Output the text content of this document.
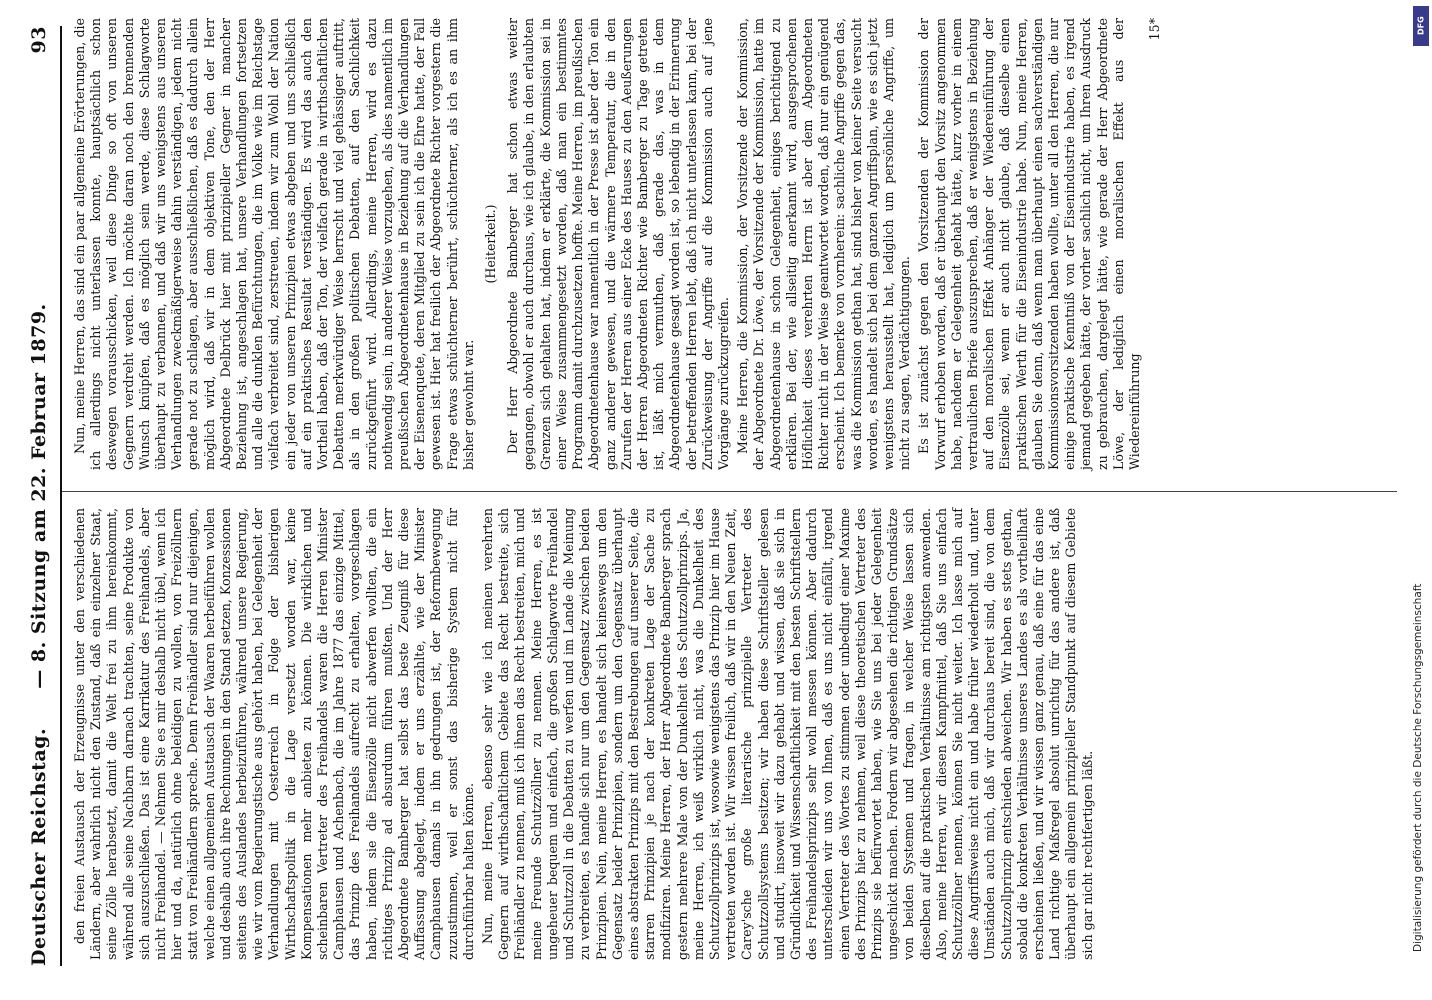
Deutscher Reichstag.
— 8. Sitzung am 22. Februar 1879.
93

den freien Austausch der Erzeugnisse unter den verschiedenen Ländern, aber wahrlich nicht den Zustand, daß ein einzelner Staat, seine Zölle herabsetzt, damit die Welt frei zu ihm hereinkommt, während alle seine Nachbarn darnach trachten, seine Produkte von sich auszuschließen. Das ist eine Karrikatur des Freihandels, aber nicht Freihandel. — Nehmen Sie es mir deshalb nicht übel, wenn ich hier und da, natürlich ohne beleidigen zu wollen, von Freizöllnern statt von Freihändlern spreche. Denn Freihändler sind nur diejenigen, welche einen allgemeinen Austausch der Waaren herbeiführen wollen und deshalb auch ihre Rechnungen in den Stand setzen, Konzessionen seitens des Auslandes herbeizuführen, während unsere Regierung, wie wir vom Regierungstische aus gehört haben, bei Gelegenheit der Verhandlungen mit Oesterreich in Folge der bisherigen Wirthschaftspolitik in die Lage versetzt worden war, keine Kompensationen mehr anbieten zu können. Die wirklichen und scheinbaren Vertreter des Freihandels waren die Herren Minister Camphausen und Achenbach, die im Jahre 1877 das einzige Mittel, das Prinzip des Freihandels aufrecht zu erhalten, vorgeschlagen haben, indem sie die Eisenzölle nicht abwerfen wollten, die ein richtiges Prinzip ad absurdum führen mußten. Und der Herr Abgeordnete Bamberger hat selbst das beste Zeugniß für diese Auffassung abgelegt, indem er uns erzählte, wie der Minister Camphausen damals in ihn gedrungen ist, der Reformbewegung zuzustimmen, weil er sonst das bisherige System nicht für durchführbar halten könne. Nun, meine Herren, ebenso sehr wie ich meinen verehrten Gegnern auf wirthschaftlichem Gebiete das Recht bestreite, sich Freihändler zu nennen, muß ich ihnen das Recht bestreiten, mich und meine Freunde Schutzzöllner zu nennen. Meine Herren, es ist ungeheuer bequem und einfach, die großen Schlagworte Freihandel und Schutzzoll in die Debatten zu werfen und im Lande die Meinung zu verbreiten, es handle sich nur um den Gegensatz zwischen beiden Prinzipien. Nein, meine Herren, es handelt sich keineswegs um den Gegensatz beider Prinzipien, sondern um den Gegensatz überhaupt eines abstrakten Prinzips mit den Bestrebungen auf unserer Seite, die starren Prinzipien je nach der konkreten Lage der Sache zu modifiziren. Meine Herren, der Herr Abgeordnete Bamberger sprach gestern mehrere Male von der Dunkelheit des Schutzzollprinzips. Ja, meine Herren, ich weiß wirklich nicht, was die Dunkelheit des Schutzzollprinzips ist, wosowie wenigstens das Prinzip hier im Hause vertreten worden ist. Wir wissen freilich, daß wir in den Neuen Zeit, Carey'sche große literarische prinzipielle Vertreter des Schutzzollsystems besitzen; wir haben diese Schriftsteller gelesen und studirt, insoweit wir dazu gehabt und wissen, daß sie sich in Gründlichkeit und Wissenschaftlichkeit mit den besten Schriftstellern des Freihandelsprinzips sehr wohl messen können. Aber dadurch unterscheiden wir uns von Ihnen, daß es uns nicht einfällt, irgend einen Vertreter des Wortes zu stimmen oder unbedingt einer Maxime des Prinzips hier zu nehmen, weil diese theoretischen Vertreter des Prinzips sie befürwortet haben, wie Sie uns bei jeder Gelegenheit ungeschickt machen. Fordern wir abgesehen die richtigen Grundsätze von beiden Systemen und fragen, in welcher Weise lassen sich dieselben auf die praktischen Verhältnisse am richtigsten anwenden. Also, meine Herren, wir diesen Kampfmittel, daß Sie uns einfach Schutzzöllner nennen, können Sie nicht weiter. Ich lasse mich auf diese Angriffsweise nicht ein und habe früher wiederholt und, unter Umständen auch mich, daß wir durchaus bereit sind, die von dem Schutzzollprinzip entschieden abweichen. Wir haben es stets gethan, sobald die konkreten Verhältnisse unseres Landes es als vortheilhaft erscheinen ließen, und wir wissen ganz genau, daß eine für das eine Land richtige Maßregel absolut unrichtig für das andere ist, daß überhaupt ein allgemein prinzipieller Standpunkt auf diesem Gebiete sich gar nicht rechtfertigen läßt.

Nun, meine Herren, das sind ein paar allgemeine Erörterungen, die ich allerdings nicht unterlassen konnte, hauptsächlich schon deswegen vorausschicken, weil diese Dinge so oft von unseren Gegnern verdreht werden. Ich möchte daran noch den brennenden Wunsch knüpfen, daß es möglich sein werde, diese Schlagworte überhaupt zu verbannen, und daß wir uns wenigstens aus unseren Verhandlungen zweckmäßigerweise dahin verständigen, jedem nicht gerade not zu schlagen, aber ausschließlichen, daß es dadurch allein möglich wird, daß wir in dem objektiven Tone, den der Herr Abgeordnete Delbrück hier mit prinzipieller Gegner in mancher Beziehung ist, angeschlagen hat, unsere Verhandlungen fortsetzen und alle die dunklen Befürchtungen, die im Volke wie im Reichstage vielfach verbreitet sind, zerstreuen, indem wir zum Wohl der Nation ein jeder von unseren Prinzipien etwas abgeben und uns schließlich auf ein praktisches Resultat verständigen. Es wird das auch den Vortheil haben, daß der Ton, der vielfach gerade in wirthschaftlichen Debatten merkwürdiger Weise herrscht und viel gehässiger auftritt, als in den großen politischen Debatten, auf den Sachlichkeit zurückgeführt wird. Allerdings, meine Herren, wird es dazu nothwendig sein, in anderer Weise vorzugehen, als dies namentlich im preußischen Abgeordnetenhause in Beziehung auf die Verhandlungen der Eisenenquete, deren Mitglied zu sein ich die Ehre hatte, der Fall gewesen ist. Hier hat freilich der Abgeordnete Richter vorgestern die Frage etwas schüchterner berührt, schüchterner, als ich es an ihm bisher gewohnt war.

(Heiterkeit.) Der Herr Abgeordnete Bamberger hat schon etwas weiter gegangen, obwohl er auch durchaus, wie ich glaube, in den erlaubten Grenzen sich gehalten hat, indem er erklärte, die Kommission sei in einer Weise zusammengesetzt worden, daß man ein bestimmtes Programm damit durchzusetzen hoffte. Meine Herren, im preußischen Abgeordnetenhause war namentlich in der Presse ist aber der Ton ein ganz anderer gewesen, und die wärmere Temperatur, die in den Zurufen der Herren aus einer Ecke des Hauses zu den Aeußerungen der Herren Abgeordneten Richter wie Bamberger zu Tage getreten ist, läßt mich vermuthen, daß gerade das, was in dem Abgeordnetenhause gesagt worden ist, so lebendig in der Erinnerung der betreffenden Herren lebt, daß ich nicht unterlassen kann, bei der Zurückweisung der Angriffe auf die Kommission auch auf jene Vorgänge zurückzugreifen. Meine Herren, die Kommission, der Vorsitzende der Kommission, der Abgeordnete Dr. Löwe, der Vorsitzende der Kommission, hatte im Abgeordnetenhause in schon Gelegenheit, einiges berichtigend zu erklären. Bei der, wie allseitig anerkannt wird, ausgesprochenen Höflichkeit dieses verehrten Herrn ist aber dem Abgeordneten Richter nicht in der Weise geantwortet worden, daß nur ein genügend erscheint. Ich bemerke von vornherein: sachliche Angriffe gegen das, was die Kommission gethan hat, sind bisher von keiner Seite versucht worden, es handelt sich bei dem ganzen Angriffsplan, wie es sich jetzt wenigstens herausstellt hat, lediglich um persönliche Angriffe, um nicht zu sagen, Verdächtigungen. Es ist zunächst gegen den Vorsitzenden der Kommission der Vorwurf erhoben worden, daß er überhaupt den Vorsitz angenommen habe, nachdem er Gelegenheit gehabt hätte, kurz vorher in einem vertraulichen Briefe auszusprechen, daß er wenigstens in Beziehung auf den moralischen Effekt Anhänger der Wiedereinführung der Eisenzölle sei, wenn er auch nicht glaube, daß dieselbe einen praktischen Werth für die Eisenindustrie habe. Nun, meine Herren, glauben Sie denn, daß wenn man überhaupt einen sachverständigen Kommissionsvorsitzenden haben wollte, unter all den Herren, die nur einige praktische Kenntniß von der Eisenindustrie haben, es irgend jemand gegeben hätte, der vorher sachlich nicht, um Ihren Ausdruck zu gebrauchen, dargelegt hätte, wie gerade der Herr Abgeordnete Löwe, der lediglich einen moralischen Effekt aus der Wiedereinführung

15*	DFG
Digitalisierung gefördert durch die Deutsche Forschungsgemeinschaft
